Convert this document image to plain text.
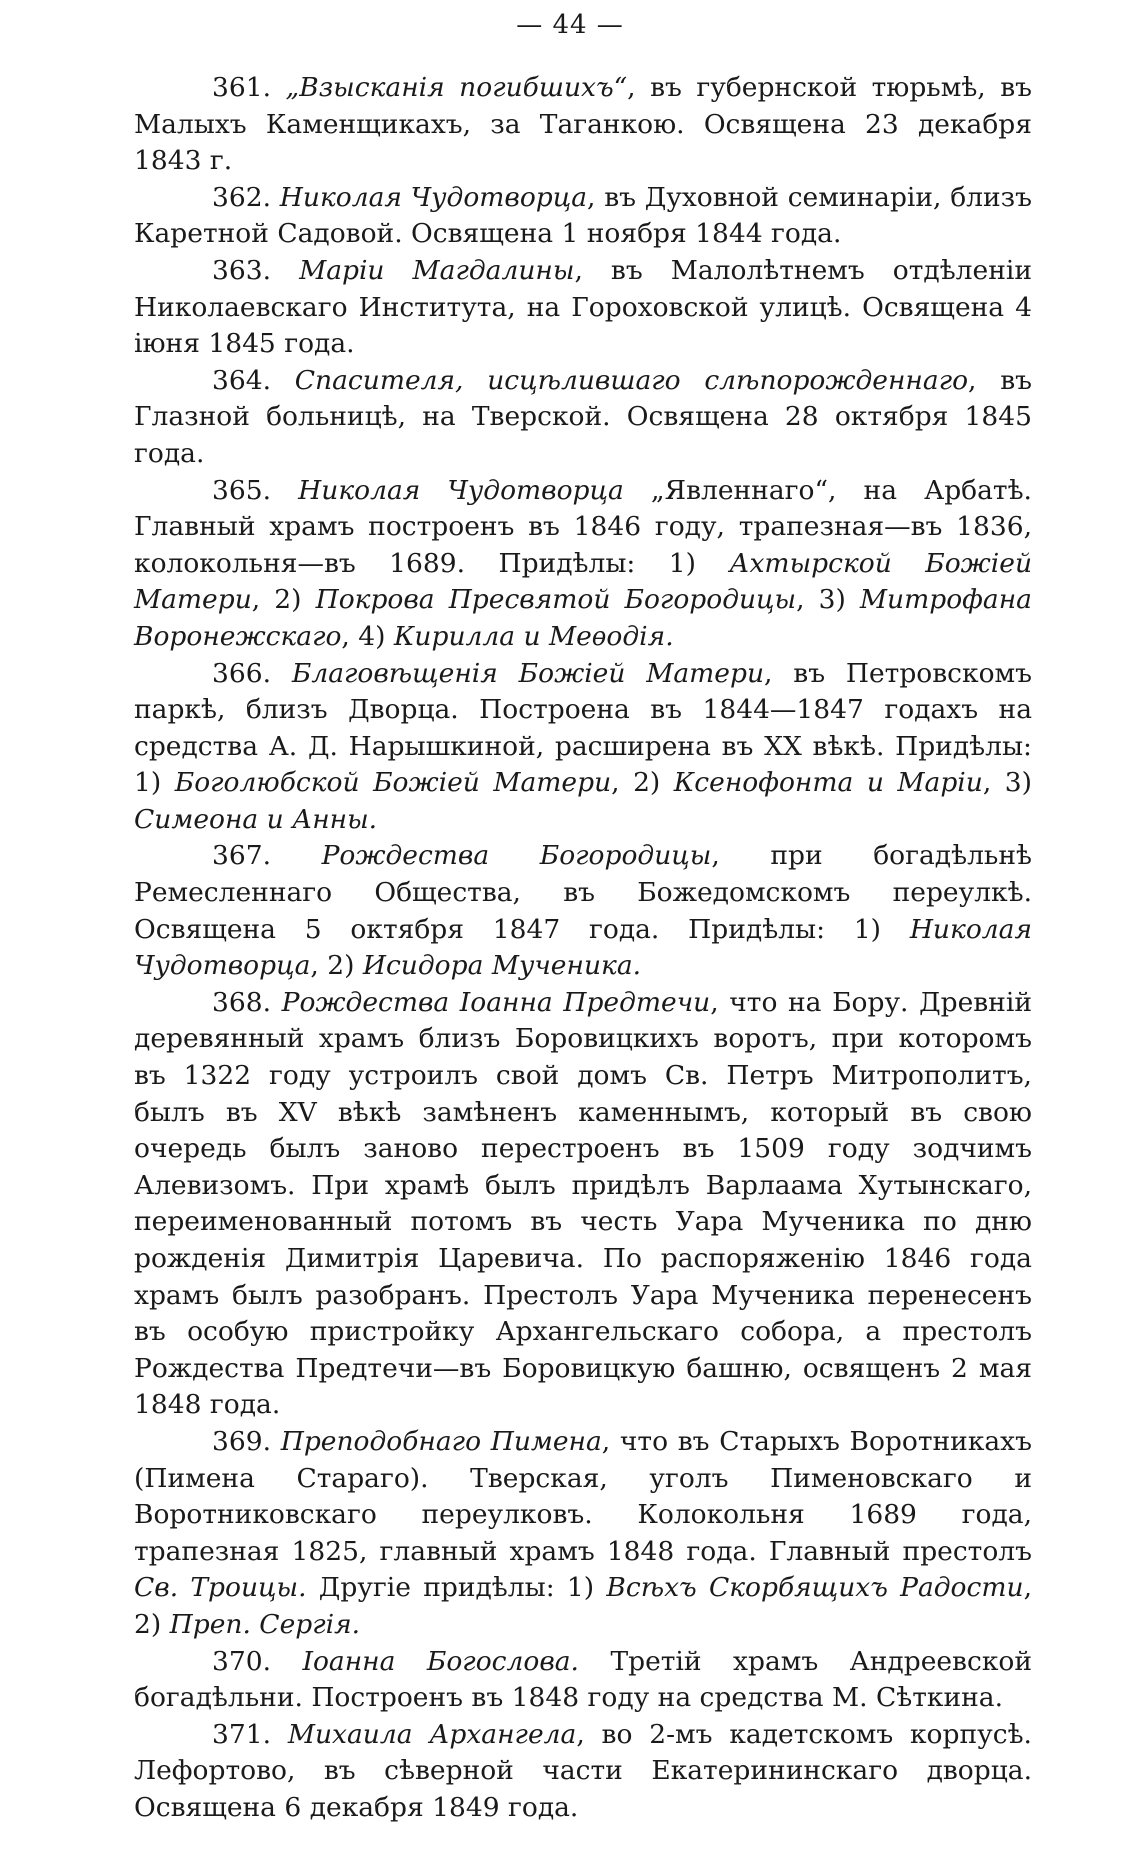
— 44 —

361. „Взысканія погибшихъ“, въ губернской тюрьмѣ, въ Малыхъ Каменщикахъ, за Таганкою. Освящена 23 декабря 1843 г.

362. Николая Чудотворца, въ Духовной семинаріи, близъ Каретной Садовой. Освящена 1 ноября 1844 года.

363. Маріи Магдалины, въ Малолѣтнемъ отдѣленіи Николаевскаго Института, на Гороховской улицѣ. Освящена 4 іюня 1845 года.

364. Спасителя, исцѣлившаго слѣпорожденнаго, въ Глазной больницѣ, на Тверской. Освящена 28 октября 1845 года.

365. Николая Чудотворца „Явленнаго“, на Арбатѣ. Главный храмъ построенъ въ 1846 году, трапезная—въ 1836, колокольня—въ 1689. Придѣлы: 1) Ахтырской Божіей Матери, 2) Покрова Пресвятой Богородицы, 3) Митрофана Воронежскаго, 4) Кирилла и Меѳодія.

366. Благовѣщенія Божіей Матери, въ Петровскомъ паркѣ, близъ Дворца. Построена въ 1844—1847 годахъ на средства А. Д. Нарышкиной, расширена въ XX вѣкѣ. Придѣлы: 1) Боголюбской Божіей Матери, 2) Ксенофонта и Маріи, 3) Симеона и Анны.

367. Рождества Богородицы, при богадѣльнѣ Ремесленнаго Общества, въ Божедомскомъ переулкѣ. Освящена 5 октября 1847 года. Придѣлы: 1) Николая Чудотворца, 2) Исидора Мученика.

368. Рождества Іоанна Предтечи, что на Бору. Древній деревянный храмъ близъ Боровицкихъ воротъ, при которомъ въ 1322 году устроилъ свой домъ Св. Петръ Митрополитъ, былъ въ XV вѣкѣ замѣненъ каменнымъ, который въ свою очередь былъ заново перестроенъ въ 1509 году зодчимъ Алевизомъ. При храмѣ былъ придѣлъ Варлаама Хутынскаго, переименованный потомъ въ честь Уара Мученика по дню рожденія Димитрія Царевича. По распоряженію 1846 года храмъ былъ разобранъ. Престолъ Уара Мученика перенесенъ въ особую пристройку Архангельскаго собора, а престолъ Рождества Предтечи—въ Боровицкую башню, освященъ 2 мая 1848 года.

369. Преподобнаго Пимена, что въ Старыхъ Воротникахъ (Пимена Стараго). Тверская, уголъ Пименовскаго и Воротниковскаго переулковъ. Колокольня 1689 года, трапезная 1825, главный храмъ 1848 года. Главный престолъ Св. Троицы. Другіе придѣлы: 1) Всѣхъ Скорбящихъ Радости, 2) Преп. Сергія.

370. Іоанна Богослова. Третій храмъ Андреевской богадѣльни. Построенъ въ 1848 году на средства М. Сѣткина.

371. Михаила Архангела, во 2-мъ кадетскомъ корпусѣ. Лефортово, въ сѣверной части Екатерининскаго дворца. Освящена 6 декабря 1849 года.
